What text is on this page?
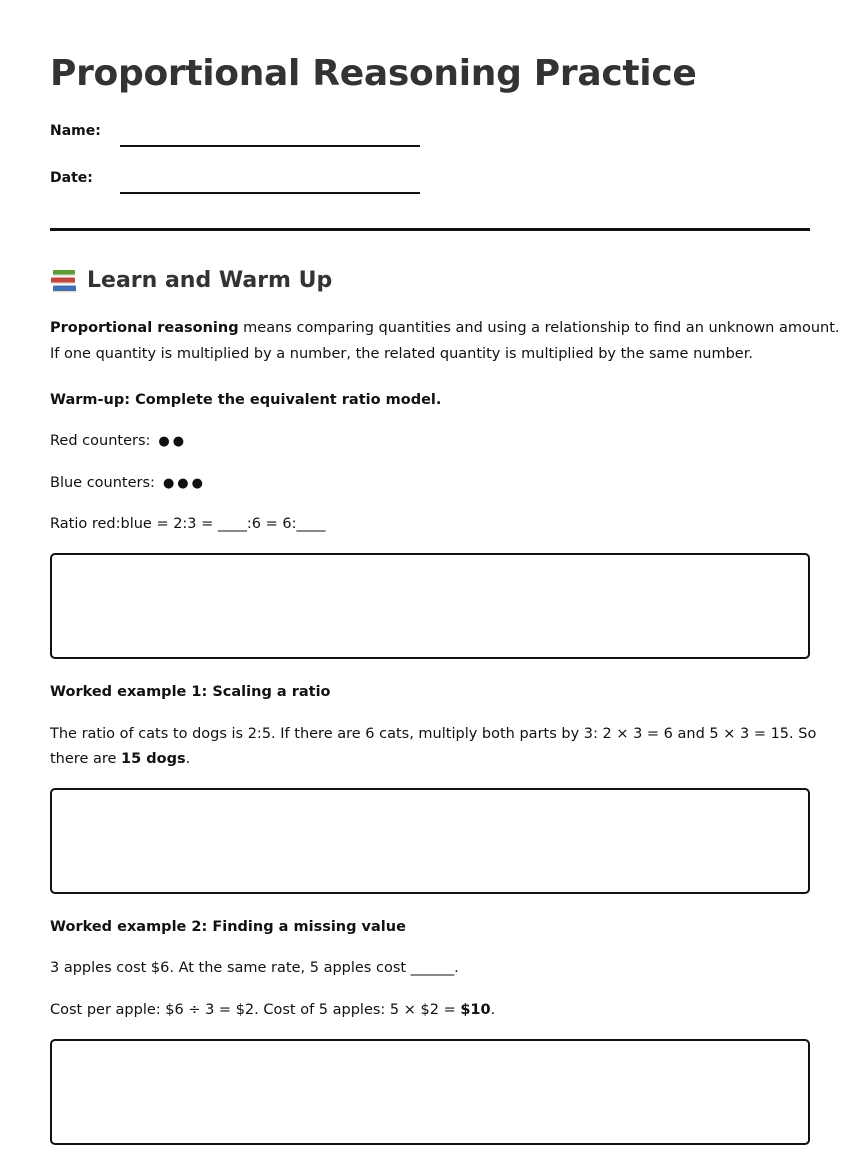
Proportional Reasoning Practice
Name:
Date:
Learn and Warm Up
Proportional reasoning means comparing quantities and using a relationship to find an unknown amount.
If one quantity is multiplied by a number, the related quantity is multiplied by the same number.
Warm-up: Complete the equivalent ratio model.
Red counters: ●●
Blue counters: ●●●
Ratio red:blue = 2:3 = ____:6 = 6:____
Worked example 1: Scaling a ratio
The ratio of cats to dogs is 2:5. If there are 6 cats, multiply both parts by 3: 2 × 3 = 6 and 5 × 3 = 15. So
there are 15 dogs.
Worked example 2: Finding a missing value
3 apples cost $6. At the same rate, 5 apples cost ______.
Cost per apple: $6 ÷ 3 = $2. Cost of 5 apples: 5 × $2 = $10.
